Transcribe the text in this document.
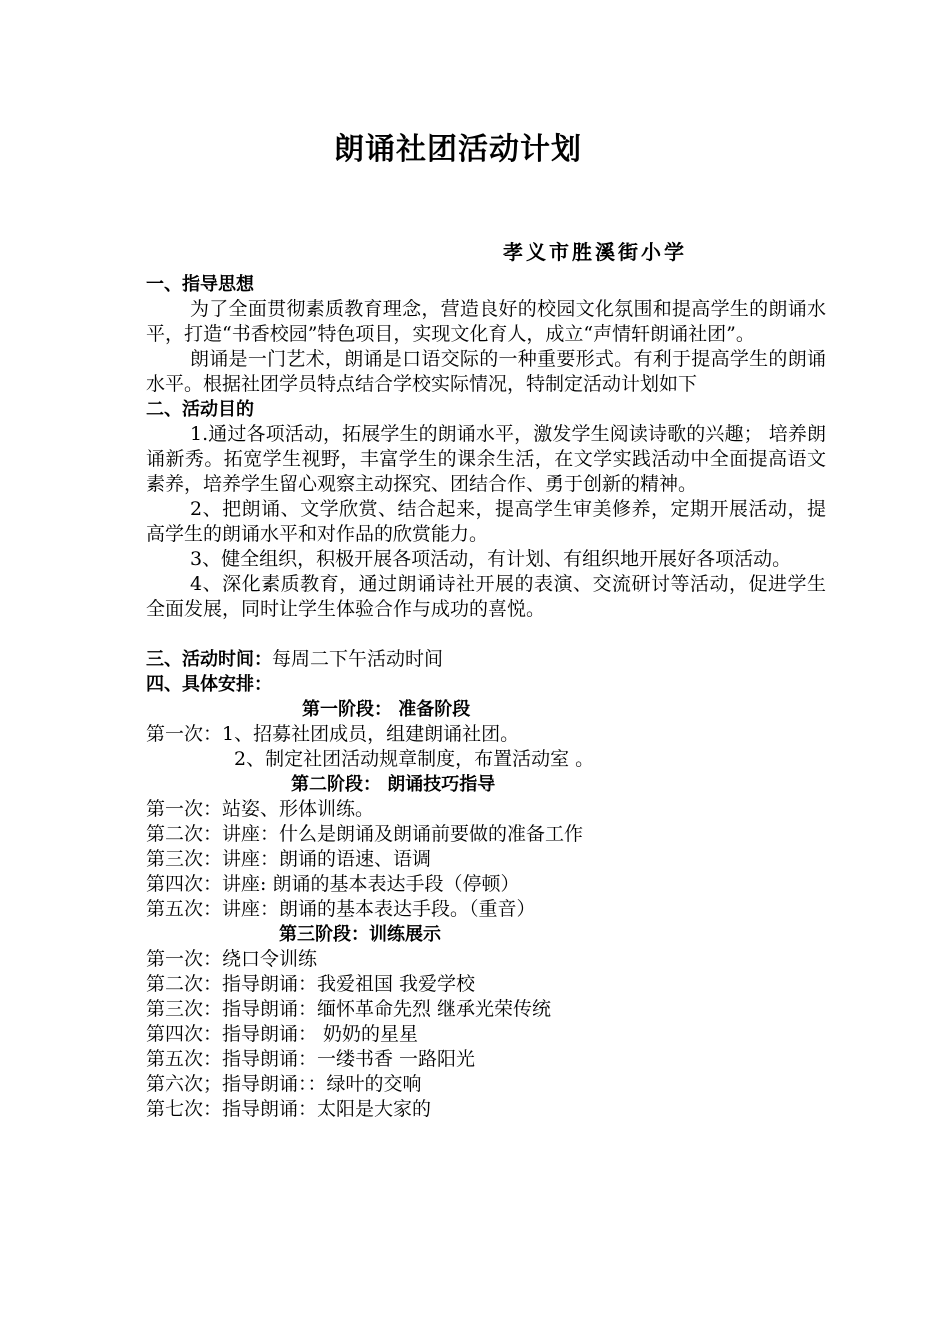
朗诵社团活动计划
孝义市胜溪街小学
一、指导思想
为了全面贯彻素质教育理念，营造良好的校园文化氛围和提高学生的朗诵水平，打造“书香校园”特色项目，实现文化育人，成立“声情轩朗诵社团”。
朗诵是一门艺术，朗诵是口语交际的一种重要形式。有利于提高学生的朗诵水平。根据社团学员特点结合学校实际情况，特制定活动计划如下
二、活动目的
1.通过各项活动，拓展学生的朗诵水平，激发学生阅读诗歌的兴趣； 培养朗诵新秀。拓宽学生视野，丰富学生的课余生活，在文学实践活动中全面提高语文素养，培养学生留心观察主动探究、团结合作、勇于创新的精神。
2、把朗诵、文学欣赏、结合起来，提高学生审美修养，定期开展活动，提高学生的朗诵水平和对作品的欣赏能力。
3、健全组织，积极开展各项活动，有计划、有组织地开展好各项活动。
4、深化素质教育，通过朗诵诗社开展的表演、交流研讨等活动，促进学生全面发展，同时让学生体验合作与成功的喜悦。
三、活动时间：每周二下午活动时间
四、具体安排：
第一阶段： 准备阶段
第一次：1、招募社团成员，组建朗诵社团。
2、制定社团活动规章制度，布置活动室 。
第二阶段： 朗诵技巧指导
第一次：站姿、形体训练。
第二次：讲座：什么是朗诵及朗诵前要做的准备工作
第三次：讲座：朗诵的语速、语调
第四次：讲座: 朗诵的基本表达手段（停顿）
第五次：讲座：朗诵的基本表达手段。（重音）
第三阶段：训练展示
第一次：绕口令训练
第二次：指导朗诵：我爱祖国 我爱学校
第三次：指导朗诵：缅怀革命先烈 继承光荣传统
第四次：指导朗诵： 奶奶的星星
第五次：指导朗诵：一缕书香 一路阳光
第六次；指导朗诵：：绿叶的交响
第七次：指导朗诵：太阳是大家的
